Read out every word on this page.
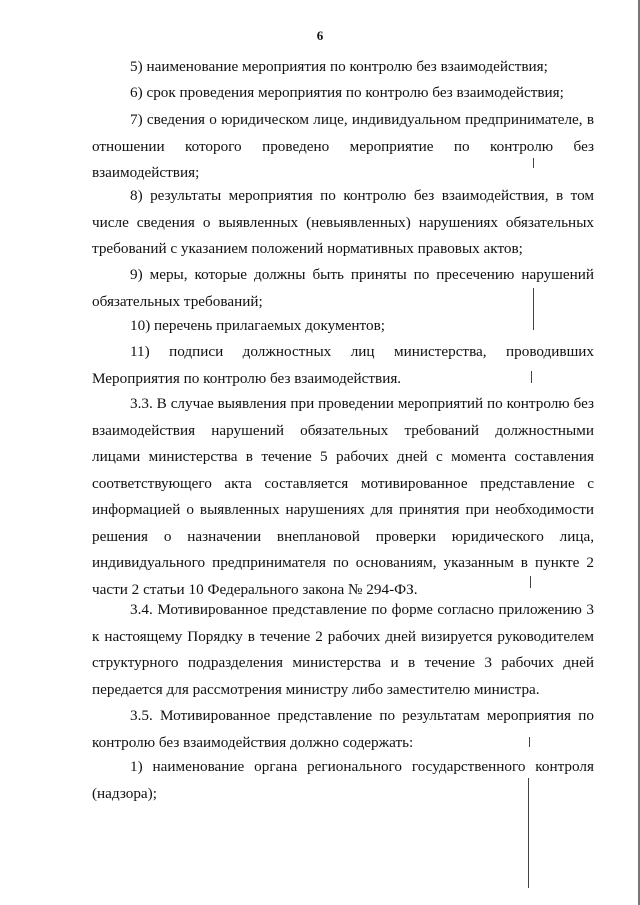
6

5) наименование мероприятия по контролю без взаимодействия;

6) срок проведения мероприятия по контролю без взаимодействия;

7) сведения о юридическом лице, индивидуальном предпринимателе, в отношении которого проведено мероприятие по контролю без взаимодействия;

8) результаты мероприятия по контролю без взаимодействия, в том числе сведения о выявленных (невыявленных) нарушениях обязательных требований с указанием положений нормативных правовых актов;

9) меры, которые должны быть приняты по пресечению нарушений обязательных требований;

10) перечень прилагаемых документов;

11) подписи должностных лиц министерства, проводивших Мероприятия по контролю без взаимодействия.

3.3. В случае выявления при проведении мероприятий по контролю без взаимодействия нарушений обязательных требований должностными лицами министерства в течение 5 рабочих дней с момента составления соответствующего акта составляется мотивированное представление с информацией о выявленных нарушениях для принятия при необходимости решения о назначении внеплановой проверки юридического лица, индивидуального предпринимателя по основаниям, указанным в пункте 2 части 2 статьи 10 Федерального закона № 294-ФЗ.

3.4. Мотивированное представление по форме согласно приложению 3 к настоящему Порядку в течение 2 рабочих дней визируется руководителем структурного подразделения министерства и в течение 3 рабочих дней передается для рассмотрения министру либо заместителю министра.

3.5. Мотивированное представление по результатам мероприятия по контролю без взаимодействия должно содержать:

1) наименование органа регионального государственного контроля (надзора);
